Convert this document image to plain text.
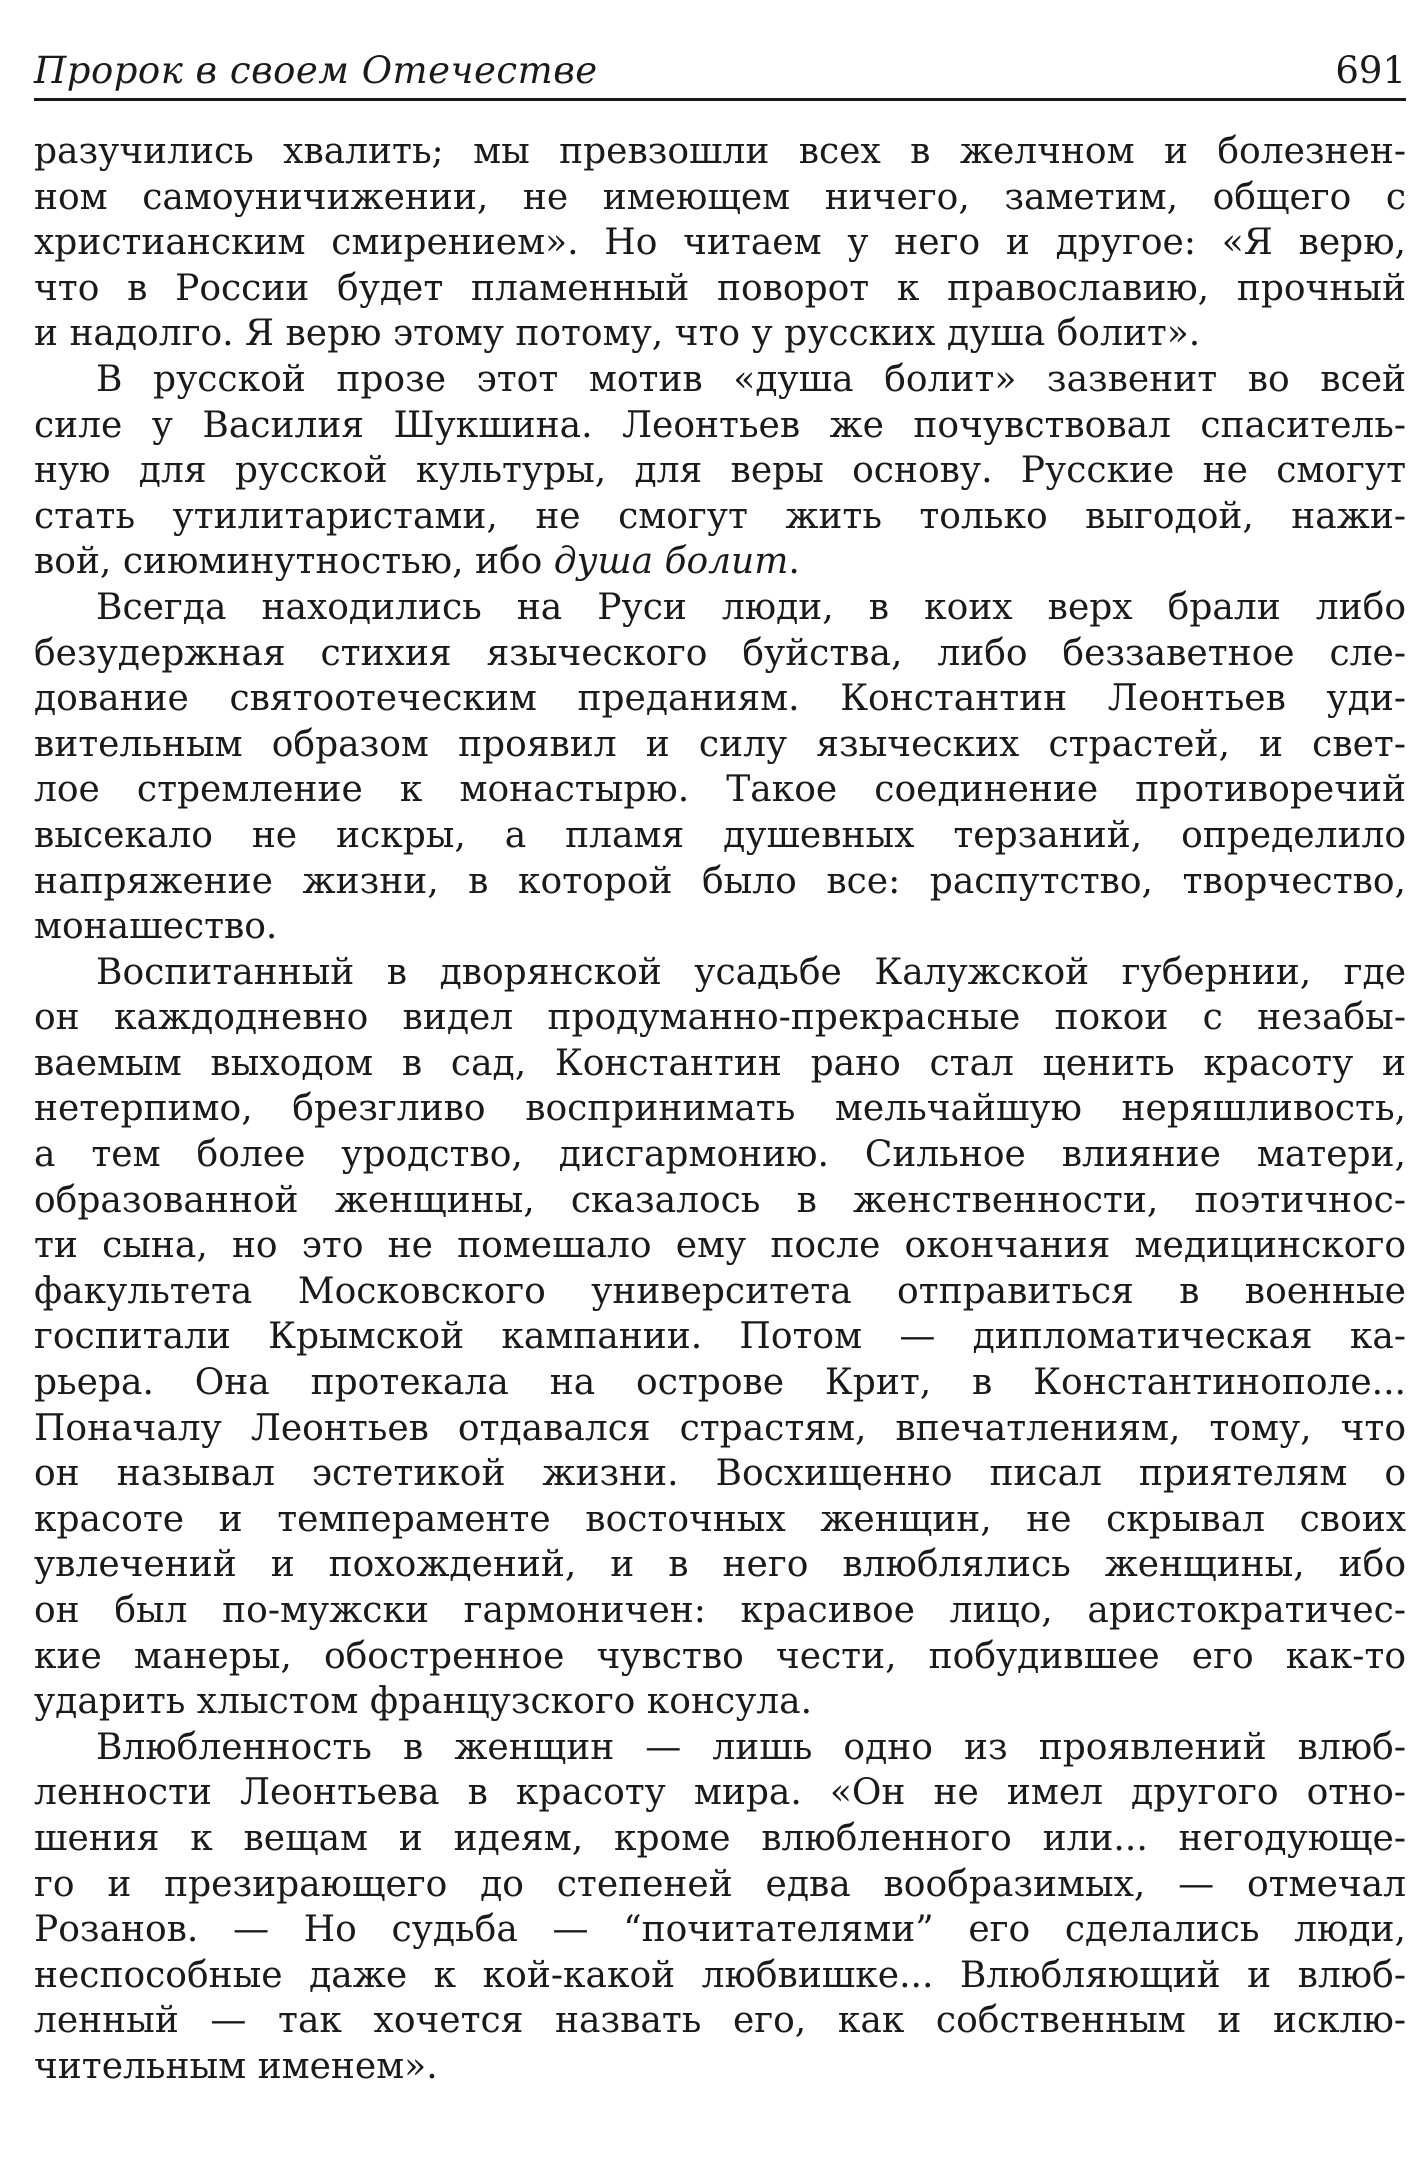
Пророк в своем Отечестве	691
разучились хвалить; мы превзошли всех в желчном и болезнен-
ном самоуничижении, не имеющем ничего, заметим, общего с
христианским смирением». Но читаем у него и другое: «Я верю,
что в России будет пламенный поворот к православию, прочный
и надолго. Я верю этому потому, что у русских душа болит».
В русской прозе этот мотив «душа болит» зазвенит во всей
силе у Василия Шукшина. Леонтьев же почувствовал спаситель-
ную для русской культуры, для веры основу. Русские не смогут
стать утилитаристами, не смогут жить только выгодой, нажи-
вой, сиюминутностью, ибо душа болит.
Всегда находились на Руси люди, в коих верх брали либо
безудержная стихия языческого буйства, либо беззаветное сле-
дование святоотеческим преданиям. Константин Леонтьев уди-
вительным образом проявил и силу языческих страстей, и свет-
лое стремление к монастырю. Такое соединение противоречий
высекало не искры, а пламя душевных терзаний, определило
напряжение жизни, в которой было все: распутство, творчество,
монашество.
Воспитанный в дворянской усадьбе Калужской губернии, где
он каждодневно видел продуманно-прекрасные покои с незабы-
ваемым выходом в сад, Константин рано стал ценить красоту и
нетерпимо, брезгливо воспринимать мельчайшую неряшливость,
а тем более уродство, дисгармонию. Сильное влияние матери,
образованной женщины, сказалось в женственности, поэтичнос-
ти сына, но это не помешало ему после окончания медицинского
факультета Московского университета отправиться в военные
госпитали Крымской кампании. Потом — дипломатическая ка-
рьера. Она протекала на острове Крит, в Константинополе...
Поначалу Леонтьев отдавался страстям, впечатлениям, тому, что
он называл эстетикой жизни. Восхищенно писал приятелям о
красоте и темпераменте восточных женщин, не скрывал своих
увлечений и похождений, и в него влюблялись женщины, ибо
он был по-мужски гармоничен: красивое лицо, аристократичес-
кие манеры, обостренное чувство чести, побудившее его как-то
ударить хлыстом французского консула.
Влюбленность в женщин — лишь одно из проявлений влюб-
ленности Леонтьева в красоту мира. «Он не имел другого отно-
шения к вещам и идеям, кроме влюбленного или... негодующе-
го и презирающего до степеней едва вообразимых, — отмечал
Розанов. — Но судьба — “почитателями” его сделались люди,
неспособные даже к кой-какой любвишке... Влюбляющий и влюб-
ленный — так хочется назвать его, как собственным и исклю-
чительным именем».
